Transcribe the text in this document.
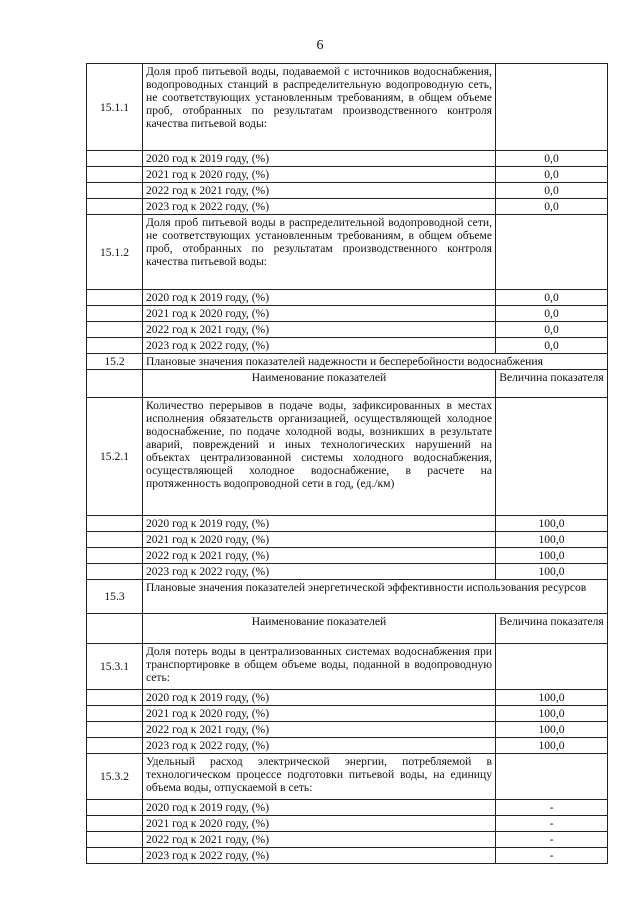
6
15.1.1	Доля проб питьевой воды, подаваемой с источников водоснабжения, водопроводных станций в распределительную водопроводную сеть, не соответствующих установленным требованиям, в общем объеме проб, отобранных по результатам производственного контроля качества питьевой воды:	
	2020 год к 2019 году, (%)	0,0
	2021 год к 2020 году, (%)	0,0
	2022 год к 2021 году, (%)	0,0
	2023 год к 2022 году, (%)	0,0
15.1.2	Доля проб питьевой воды в распределительной водопроводной сети, не соответствующих установленным требованиям, в общем объеме проб, отобранных по результатам производственного контроля качества питьевой воды:	
	2020 год к 2019 году, (%)	0,0
	2021 год к 2020 году, (%)	0,0
	2022 год к 2021 году, (%)	0,0
	2023 год к 2022 году, (%)	0,0
15.2	Плановые значения показателей надежности и бесперебойности водоснабжения	
	Наименование показателей	Величина показателя
15.2.1	Количество перерывов в подаче воды, зафиксированных в местах исполнения обязательств организацией, осуществляющей холодное водоснабжение, по подаче холодной воды, возникших в результате аварий, повреждений и иных технологических нарушений на объектах централизованной системы холодного водоснабжения, осуществляющей холодное водоснабжение, в расчете на протяженность водопроводной сети в год, (ед./км)	
	2020 год к 2019 году, (%)	100,0
	2021 год к 2020 году, (%)	100,0
	2022 год к 2021 году, (%)	100,0
	2023 год к 2022 году, (%)	100,0
15.3	Плановые значения показателей энергетической эффективности использования ресурсов	
	Наименование показателей	Величина показателя
15.3.1	Доля потерь воды в централизованных системах водоснабжения при транспортировке в общем объеме воды, поданной в водопроводную сеть:	
	2020 год к 2019 году, (%)	100,0
	2021 год к 2020 году, (%)	100,0
	2022 год к 2021 году, (%)	100,0
	2023 год к 2022 году, (%)	100,0
15.3.2	Удельный расход электрической энергии, потребляемой в технологическом процессе подготовки питьевой воды, на единицу объема воды, отпускаемой в сеть:	
	2020 год к 2019 году, (%)	-
	2021 год к 2020 году, (%)	-
	2022 год к 2021 году, (%)	-
	2023 год к 2022 году, (%)	-
